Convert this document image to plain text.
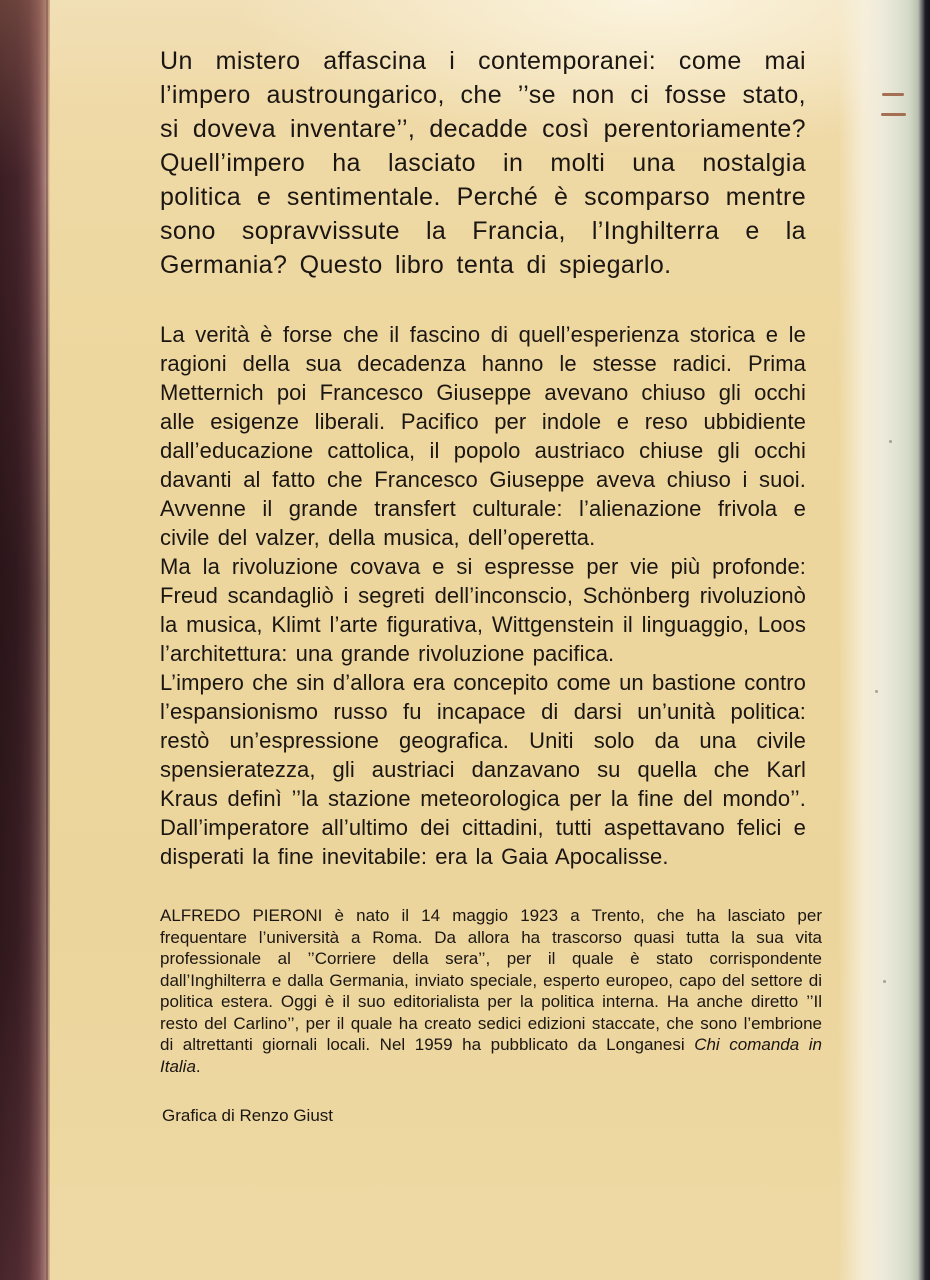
Un mistero affascina i contemporanei: come mai l’impero austroungarico, che ’’se non ci fosse stato, si doveva inventare’’, decadde così perentoriamente? Quell’impero ha lasciato in molti una nostalgia politica e sentimentale. Perché è scomparso mentre sono sopravvissute la Francia, l’Inghilterra e la Germania? Questo libro tenta di spiegarlo.

La verità è forse che il fascino di quell’esperienza storica e le ragioni della sua decadenza hanno le stesse radici. Prima Metternich poi Francesco Giuseppe avevano chiuso gli occhi alle esigenze liberali. Pacifico per indole e reso ubbidiente dall’educazione cattolica, il popolo austriaco chiuse gli occhi davanti al fatto che Francesco Giuseppe aveva chiuso i suoi. Avvenne il grande transfert culturale: l’alienazione frivola e civile del valzer, della musica, dell’operetta.

Ma la rivoluzione covava e si espresse per vie più profonde: Freud scandagliò i segreti dell’inconscio, Schönberg rivoluzionò la musica, Klimt l’arte figurativa, Wittgenstein il linguaggio, Loos l’architettura: una grande rivoluzione pacifica.

L’impero che sin d’allora era concepito come un bastione contro l’espansionismo russo fu incapace di darsi un’unità politica: restò un’espressione geografica. Uniti solo da una civile spensieratezza, gli austriaci danzavano su quella che Karl Kraus definì ’’la stazione meteorologica per la fine del mondo’’. Dall’imperatore all’ultimo dei cittadini, tutti aspettavano felici e disperati la fine inevitabile: era la Gaia Apocalisse.

ALFREDO PIERONI è nato il 14 maggio 1923 a Trento, che ha lasciato per frequentare l’università a Roma. Da allora ha trascorso quasi tutta la sua vita professionale al ’’Corriere della sera’’, per il quale è stato corrispondente dall’Inghilterra e dalla Germania, inviato speciale, esperto europeo, capo del settore di politica estera. Oggi è il suo editorialista per la politica interna. Ha anche diretto ’’Il resto del Carlino’’, per il quale ha creato sedici edizioni staccate, che sono l’embrione di altrettanti giornali locali. Nel 1959 ha pubblicato da Longanesi Chi comanda in Italia.

Grafica di Renzo Giust
